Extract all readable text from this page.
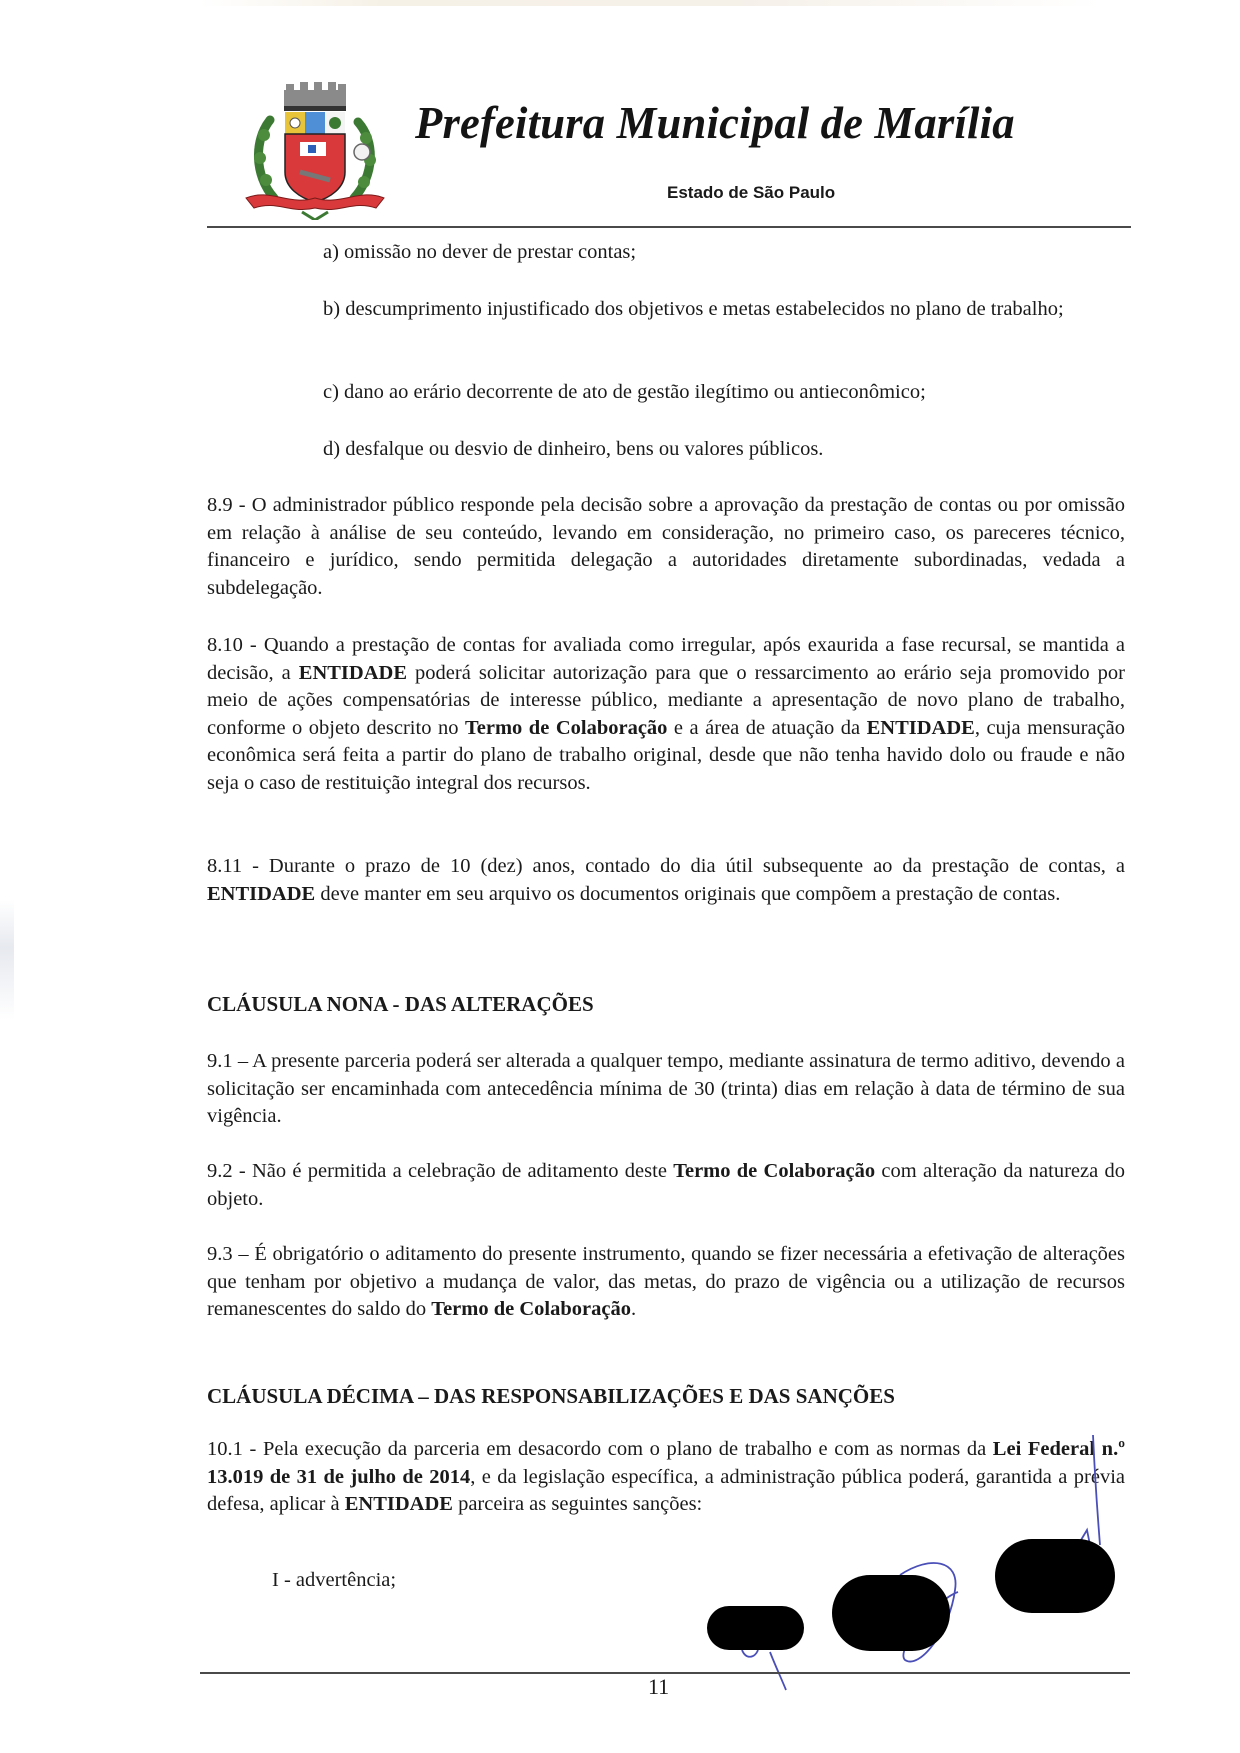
Prefeitura Municipal de Marília
Estado de São Paulo
a) omissão no dever de prestar contas;
b) descumprimento injustificado dos objetivos e metas estabelecidos no plano de trabalho;
c) dano ao erário decorrente de ato de gestão ilegítimo ou antieconômico;
d) desfalque ou desvio de dinheiro, bens ou valores públicos.
8.9 - O administrador público responde pela decisão sobre a aprovação da prestação de contas ou por omissão em relação à análise de seu conteúdo, levando em consideração, no primeiro caso, os pareceres técnico, financeiro e jurídico, sendo permitida delegação a autoridades diretamente subordinadas, vedada a subdelegação.
8.10 - Quando a prestação de contas for avaliada como irregular, após exaurida a fase recursal, se mantida a decisão, a ENTIDADE poderá solicitar autorização para que o ressarcimento ao erário seja promovido por meio de ações compensatórias de interesse público, mediante a apresentação de novo plano de trabalho, conforme o objeto descrito no Termo de Colaboração e a área de atuação da ENTIDADE, cuja mensuração econômica será feita a partir do plano de trabalho original, desde que não tenha havido dolo ou fraude e não seja o caso de restituição integral dos recursos.
8.11 - Durante o prazo de 10 (dez) anos, contado do dia útil subsequente ao da prestação de contas, a ENTIDADE deve manter em seu arquivo os documentos originais que compõem a prestação de contas.
CLÁUSULA NONA - DAS ALTERAÇÕES
9.1 – A presente parceria poderá ser alterada a qualquer tempo, mediante assinatura de termo aditivo, devendo a solicitação ser encaminhada com antecedência mínima de 30 (trinta) dias em relação à data de término de sua vigência.
9.2 - Não é permitida a celebração de aditamento deste Termo de Colaboração com alteração da natureza do objeto.
9.3 – É obrigatório o aditamento do presente instrumento, quando se fizer necessária a efetivação de alterações que tenham por objetivo a mudança de valor, das metas, do prazo de vigência ou a utilização de recursos remanescentes do saldo do Termo de Colaboração.
CLÁUSULA DÉCIMA – DAS RESPONSABILIZAÇÕES E DAS SANÇÕES
10.1 - Pela execução da parceria em desacordo com o plano de trabalho e com as normas da Lei Federal n.º 13.019 de 31 de julho de 2014, e da legislação específica, a administração pública poderá, garantida a prévia defesa, aplicar à ENTIDADE parceira as seguintes sanções:
I - advertência;
11
